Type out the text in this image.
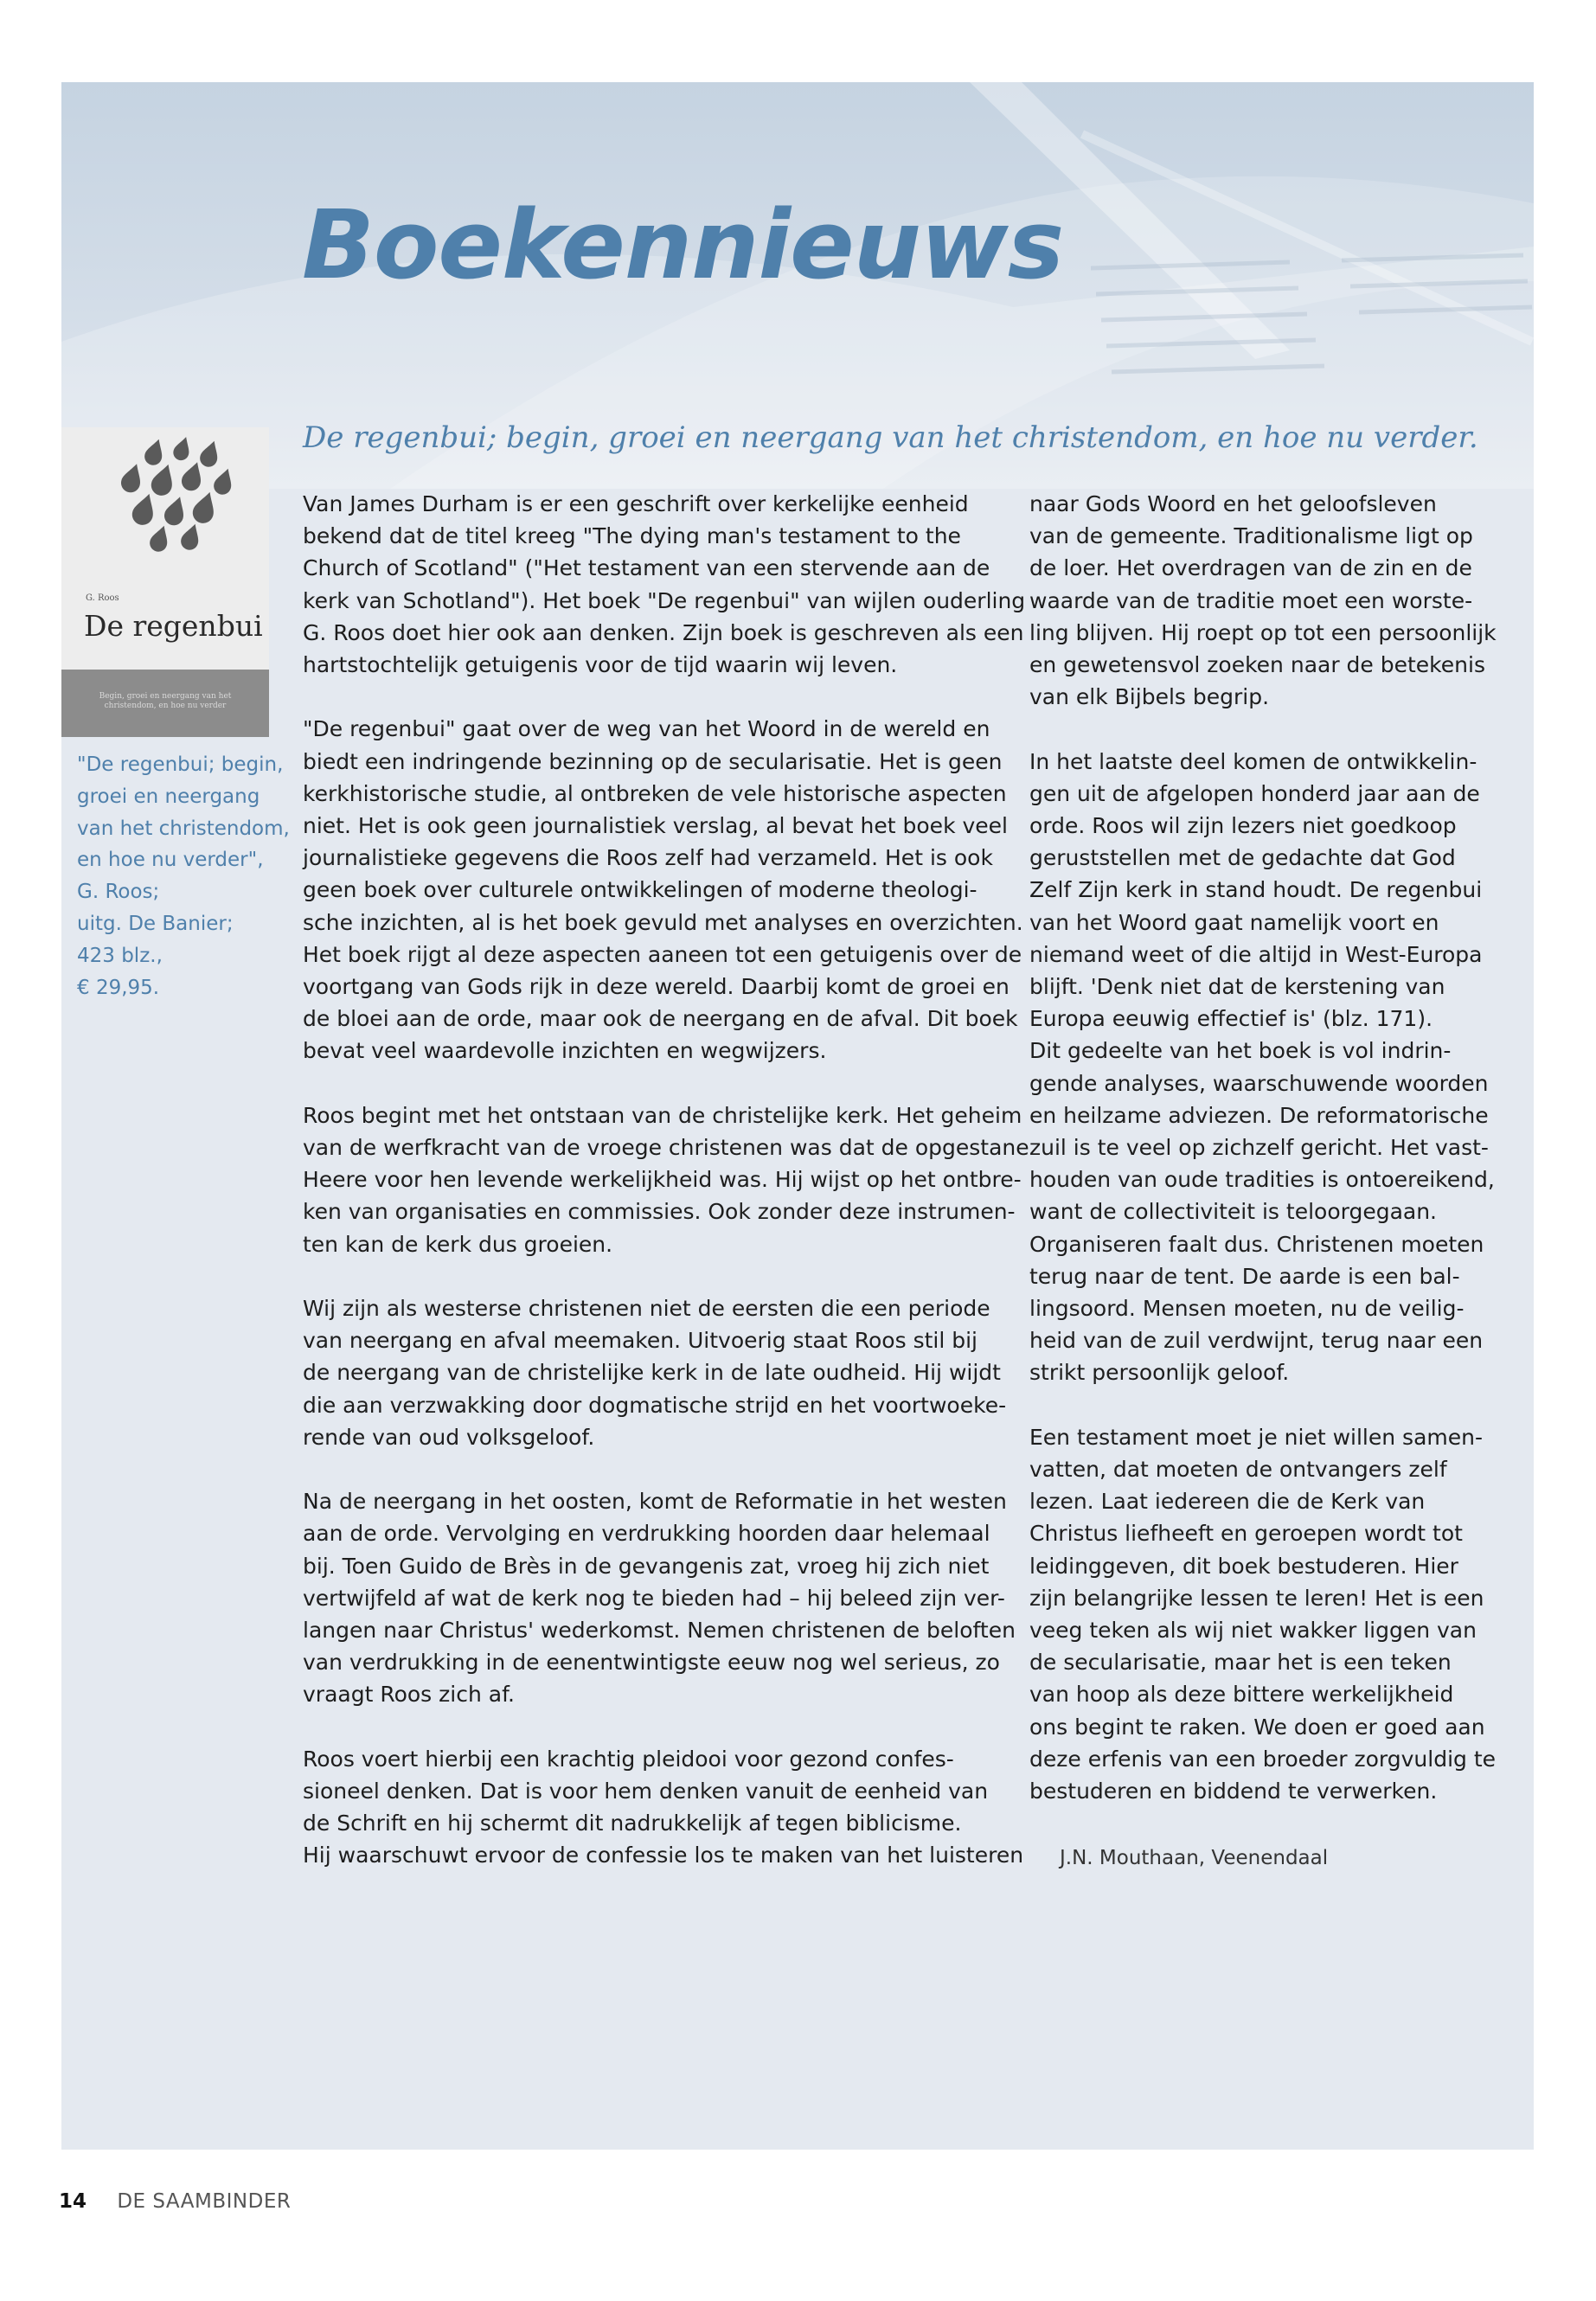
Boekennieuws
De regenbui; begin, groei en neergang van het christendom, en hoe nu verder.
G. Roos
De regenbui
Begin, groei en neergang van het
christendom, en hoe nu verder
"De regenbui; begin,
groei en neergang
van het christendom,
en hoe nu verder",
G. Roos;
uitg. De Banier;
423 blz.,
€ 29,95.
Van James Durham is er een geschrift over kerkelijke eenheid
bekend dat de titel kreeg "The dying man's testament to the
Church of Scotland" ("Het testament van een stervende aan de
kerk van Schotland"). Het boek "De regenbui" van wijlen ouderling
G. Roos doet hier ook aan denken. Zijn boek is geschreven als een
hartstochtelijk getuigenis voor de tijd waarin wij leven.
"De regenbui" gaat over de weg van het Woord in de wereld en
biedt een indringende bezinning op de secularisatie. Het is geen
kerkhistorische studie, al ontbreken de vele historische aspecten
niet. Het is ook geen journalistiek verslag, al bevat het boek veel
journalistieke gegevens die Roos zelf had verzameld. Het is ook
geen boek over culturele ontwikkelingen of moderne theologi-
sche inzichten, al is het boek gevuld met analyses en overzichten.
Het boek rijgt al deze aspecten aaneen tot een getuigenis over de
voortgang van Gods rijk in deze wereld. Daarbij komt de groei en
de bloei aan de orde, maar ook de neergang en de afval. Dit boek
bevat veel waardevolle inzichten en wegwijzers.
Roos begint met het ontstaan van de christelijke kerk. Het geheim
van de werfkracht van de vroege christenen was dat de opgestane
Heere voor hen levende werkelijkheid was. Hij wijst op het ontbre-
ken van organisaties en commissies. Ook zonder deze instrumen-
ten kan de kerk dus groeien.
Wij zijn als westerse christenen niet de eersten die een periode
van neergang en afval meemaken. Uitvoerig staat Roos stil bij
de neergang van de christelijke kerk in de late oudheid. Hij wijdt
die aan verzwakking door dogmatische strijd en het voortwoeke-
rende van oud volksgeloof.
Na de neergang in het oosten, komt de Reformatie in het westen
aan de orde. Vervolging en verdrukking hoorden daar helemaal
bij. Toen Guido de Brès in de gevangenis zat, vroeg hij zich niet
vertwijfeld af wat de kerk nog te bieden had – hij beleed zijn ver-
langen naar Christus' wederkomst. Nemen christenen de beloften
van verdrukking in de eenentwintigste eeuw nog wel serieus, zo
vraagt Roos zich af.
Roos voert hierbij een krachtig pleidooi voor gezond confes-
sioneel denken. Dat is voor hem denken vanuit de eenheid van
de Schrift en hij schermt dit nadrukkelijk af tegen biblicisme.
Hij waarschuwt ervoor de confessie los te maken van het luisteren
naar Gods Woord en het geloofsleven
van de gemeente. Traditionalisme ligt op
de loer. Het overdragen van de zin en de
waarde van de traditie moet een worste-
ling blijven. Hij roept op tot een persoonlijk
en gewetensvol zoeken naar de betekenis
van elk Bijbels begrip.
In het laatste deel komen de ontwikkelin-
gen uit de afgelopen honderd jaar aan de
orde. Roos wil zijn lezers niet goedkoop
geruststellen met de gedachte dat God
Zelf Zijn kerk in stand houdt. De regenbui
van het Woord gaat namelijk voort en
niemand weet of die altijd in West-Europa
blijft. 'Denk niet dat de kerstening van
Europa eeuwig effectief is' (blz. 171).
Dit gedeelte van het boek is vol indrin-
gende analyses, waarschuwende woorden
en heilzame adviezen. De reformatorische
zuil is te veel op zichzelf gericht. Het vast-
houden van oude tradities is ontoereikend,
want de collectiviteit is teloorgegaan.
Organiseren faalt dus. Christenen moeten
terug naar de tent. De aarde is een bal-
lingsoord. Mensen moeten, nu de veilig-
heid van de zuil verdwijnt, terug naar een
strikt persoonlijk geloof.
Een testament moet je niet willen samen-
vatten, dat moeten de ontvangers zelf
lezen. Laat iedereen die de Kerk van
Christus liefheeft en geroepen wordt tot
leidinggeven, dit boek bestuderen. Hier
zijn belangrijke lessen te leren! Het is een
veeg teken als wij niet wakker liggen van
de secularisatie, maar het is een teken
van hoop als deze bittere werkelijkheid
ons begint te raken. We doen er goed aan
deze erfenis van een broeder zorgvuldig te
bestuderen en biddend te verwerken.
J.N. Mouthaan, Veenendaal
14 DE SAAMBINDER
